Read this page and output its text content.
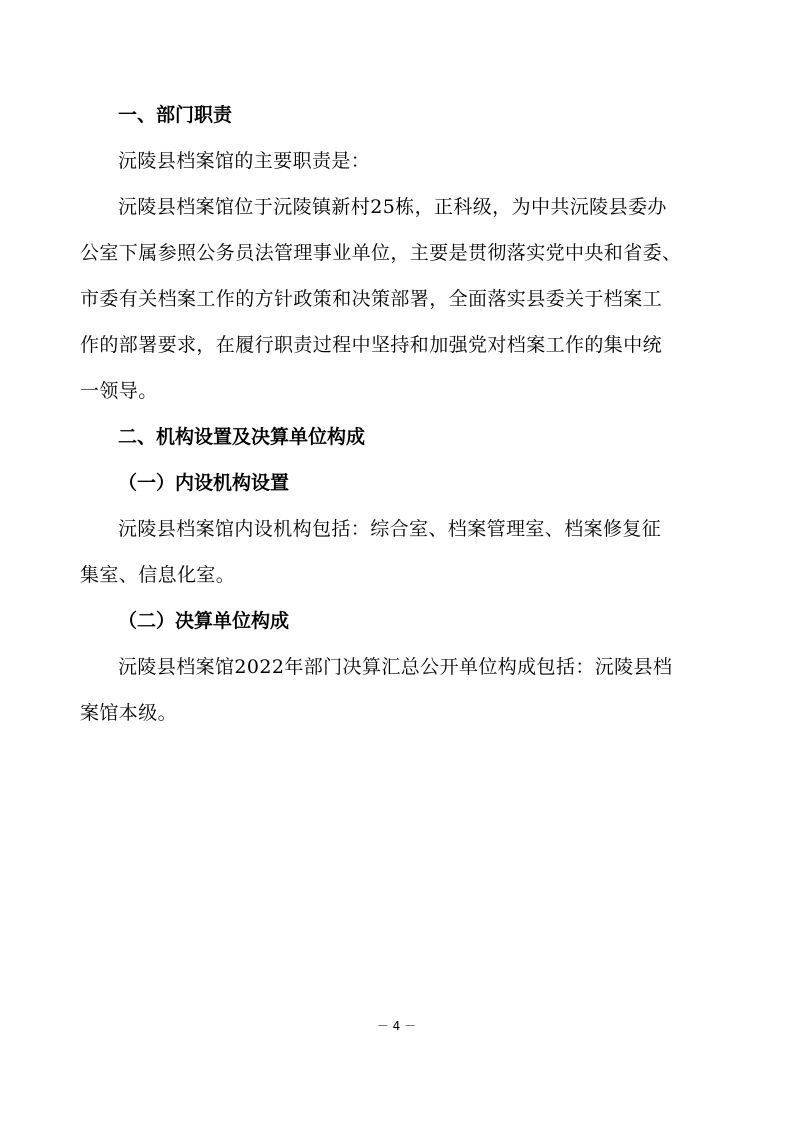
一、部门职责
沅陵县档案馆的主要职责是：
沅陵县档案馆位于沅陵镇新村25栋，正科级，为中共沅陵县委办
公室下属参照公务员法管理事业单位，主要是贯彻落实党中央和省委、
市委有关档案工作的方针政策和决策部署，全面落实县委关于档案工
作的部署要求，在履行职责过程中坚持和加强党对档案工作的集中统
一领导。
二、机构设置及决算单位构成
（一）内设机构设置
沅陵县档案馆内设机构包括：综合室、档案管理室、档案修复征
集室、信息化室。
（二）决算单位构成
沅陵县档案馆2022年部门决算汇总公开单位构成包括：沅陵县档
案馆本级。
－ 4 －
